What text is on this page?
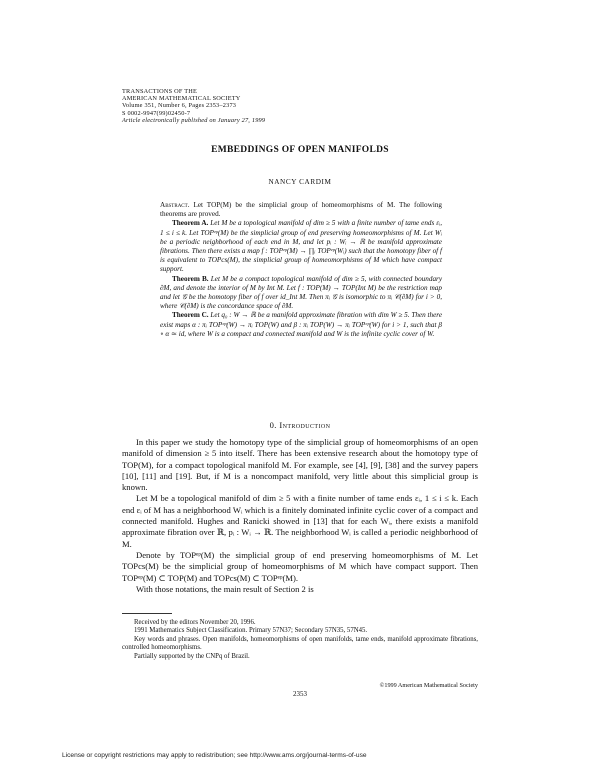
TRANSACTIONS OF THE
AMERICAN MATHEMATICAL SOCIETY
Volume 351, Number 6, Pages 2353–2373
S 0002-9947(99)02450-7
Article electronically published on January 27, 1999
EMBEDDINGS OF OPEN MANIFOLDS
NANCY CARDIM

Abstract. Let TOP(M) be the simplicial group of homeomorphisms of M. The following theorems are proved.

Theorem A. Let M be a topological manifold of dim ≥ 5 with a finite number of tame ends εᵢ, 1 ≤ i ≤ k. Let TOPᵉᵖ(M) be the simplicial group of end preserving homeomorphisms of M. Let Wᵢ be a periodic neighborhood of each end in M, and let pᵢ : Wᵢ → ℝ be manifold approximate fibrations. Then there exists a map f : TOPᵉᵖ(M) → ∏ᵢ TOPᵉᵖ(Wᵢ) such that the homotopy fiber of f is equivalent to TOPcs(M), the simplicial group of homeomorphisms of M which have compact support.

Theorem B. Let M be a compact topological manifold of dim ≥ 5, with connected boundary ∂M, and denote the interior of M by Int M. Let f : TOP(M) → TOP(Int M) be the restriction map and let 𝒢 be the homotopy fiber of f over id_Int M. Then πᵢ 𝒢 is isomorphic to πᵢ 𝒞(∂M) for i > 0, where 𝒞(∂M) is the concordance space of ∂M.

Theorem C. Let q₀ : W → ℝ be a manifold approximate fibration with dim W ≥ 5. Then there exist maps α : πᵢ TOPᵉᵖ(W) → πᵢ TOP(W) and β : πᵢ TOP(W) → πᵢ TOPᵉᵖ(W) for i > 1, such that β ∘ α ≃ id, where W is a compact and connected manifold and W is the infinite cyclic cover of W.

0. Introduction

In this paper we study the homotopy type of the simplicial group of homeomorphisms of an open manifold of dimension ≥ 5 into itself. There has been extensive research about the homotopy type of TOP(M), for a compact topological manifold M. For example, see [4], [9], [38] and the survey papers [10], [11] and [19]. But, if M is a noncompact manifold, very little about this simplicial group is known.

Let M be a topological manifold of dim ≥ 5 with a finite number of tame ends εᵢ, 1 ≤ i ≤ k. Each end εᵢ of M has a neighborhood Wᵢ which is a finitely dominated infinite cyclic cover of a compact and connected manifold. Hughes and Ranicki showed in [13] that for each Wᵢ, there exists a manifold approximate fibration over ℝ, pᵢ : Wᵢ → ℝ. The neighborhood Wᵢ is called a periodic neighborhood of M.

Denote by TOPᵉᵖ(M) the simplicial group of end preserving homeomorphisms of M. Let TOPcs(M) be the simplicial group of homeomorphisms of M which have compact support. Then TOPᵉᵖ(M) ⊂ TOP(M) and TOPcs(M) ⊂ TOPᵉᵖ(M).

With those notations, the main result of Section 2 is

Received by the editors November 20, 1996.

1991 Mathematics Subject Classification. Primary 57N37; Secondary 57N35, 57N45.

Key words and phrases. Open manifolds, homeomorphisms of open manifolds, tame ends, manifold approximate fibrations, controlled homeomorphisms.

Partially supported by the CNPq of Brazil.

©1999 American Mathematical Society
2353
License or copyright restrictions may apply to redistribution; see http://www.ams.org/journal-terms-of-use
